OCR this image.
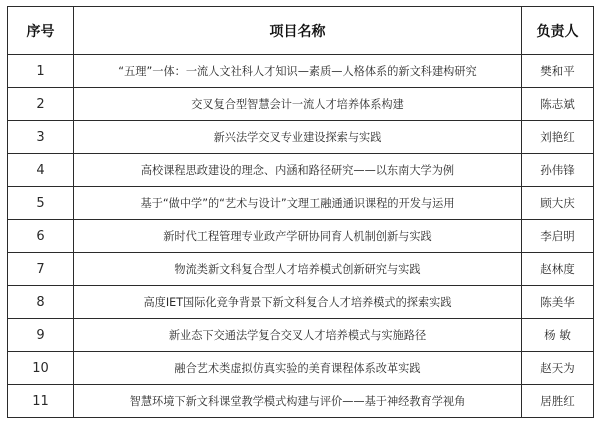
序号	项目名称	负责人
1	“五理”一体：一流人文社科人才知识—素质—人格体系的新文科建构研究	樊和平
2	交叉复合型智慧会计一流人才培养体系构建	陈志斌
3	新兴法学交叉专业建设探索与实践	刘艳红
4	高校课程思政建设的理念、内涵和路径研究——以东南大学为例	孙伟锋
5	基于“做中学”的“艺术与设计”文理工融通通识课程的开发与运用	顾大庆
6	新时代工程管理专业政产学研协同育人机制创新与实践	李启明
7	物流类新文科复合型人才培养模式创新研究与实践	赵林度
8	高度IET国际化竞争背景下新文科复合人才培养模式的探索实践	陈美华
9	新业态下交通法学复合交叉人才培养模式与实施路径	杨 敏
10	融合艺术类虚拟仿真实验的美育课程体系改革实践	赵天为
11	智慧环境下新文科课堂教学模式构建与评价——基于神经教育学视角	居胜红
